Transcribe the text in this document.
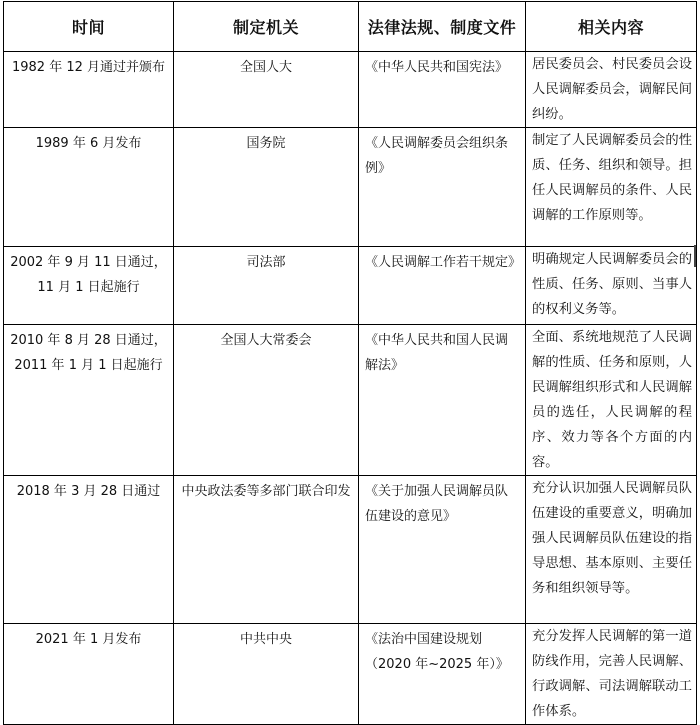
时间	制定机关	法律法规、制度文件	相关内容
1982 年 12 月通过并颁布	全国人大	《中华人民共和国宪法》	居民委员会、村民委员会设人民调解委员会，调解民间纠纷。
1989 年 6 月发布	国务院	《人民调解委员会组织条例》	制定了人民调解委员会的性质、任务、组织和领导。担任人民调解员的条件、人民调解的工作原则等。
2002 年 9 月 11 日通过，11 月 1 日起施行	司法部	《人民调解工作若干规定》	明确规定人民调解委员会的性质、任务、原则、当事人的权利义务等。
2010 年 8 月 28 日通过，2011 年 1 月 1 日起施行	全国人大常委会	《中华人民共和国人民调解法》	全面、系统地规范了人民调解的性质、任务和原则，人民调解组织形式和人民调解员的选任，人民调解的程序、效力等各个方面的内容。
2018 年 3 月 28 日通过	中央政法委等多部门联合印发	《关于加强人民调解员队伍建设的意见》	充分认识加强人民调解员队伍建设的重要意义，明确加强人民调解员队伍建设的指导思想、基本原则、主要任务和组织领导等。
2021 年 1 月发布	中共中央	《法治中国建设规划（2020 年~2025 年）》	充分发挥人民调解的第一道防线作用，完善人民调解、行政调解、司法调解联动工作体系。
